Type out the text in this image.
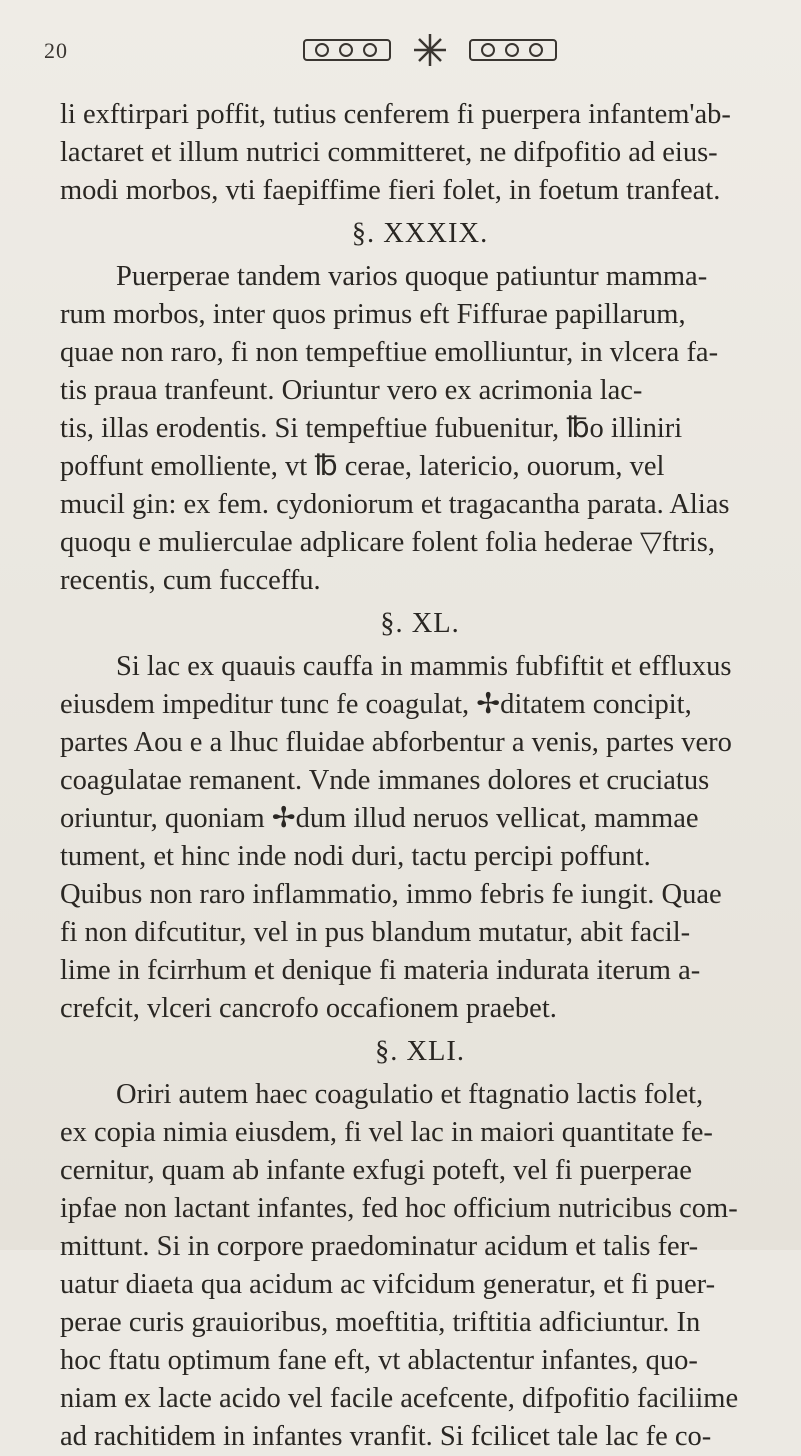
20
li exftirpari poffit, tutius cenferem fi puerpera infantem'ab-
lactaret et illum nutrici committeret, ne difpofitio ad eius-
modi morbos, vti faepiffime fieri folet, in foetum tranfeat.
§. XXXIX.
Puerperae tandem varios quoque patiuntur mamma-
rum morbos, inter quos primus eft Fiffurae papillarum,
quae non raro, fi non tempeftiue emolliuntur, in vlcera fa-
tis praua tranfeunt. Oriuntur vero ex acrimonia lac-
tis, illas erodentis. Si tempeftiue fubuenitur, ℔o illiniri
poffunt emolliente, vt ℔ cerae, latericio, ouorum, vel
mucil gin: ex fem. cydoniorum et tragacantha parata. Alias
quoqu e mulierculae adplicare folent folia hederae ▽ftris,
recentis, cum fucceffu.
§. XL.
Si lac ex quauis cauffa in mammis fubfiftit et effluxus
eiusdem impeditur tunc fe coagulat, ✢ditatem concipit,
partes Aou e a lhuc fluidae abforbentur a venis, partes vero
coagulatae remanent. Vnde immanes dolores et cruciatus
oriuntur, quoniam ✢dum illud neruos vellicat, mammae
tument, et hinc inde nodi duri, tactu percipi poffunt.
Quibus non raro inflammatio, immo febris fe iungit. Quae
fi non difcutitur, vel in pus blandum mutatur, abit facil-
lime in fcirrhum et denique fi materia indurata iterum a-
crefcit, vlceri cancrofo occafionem praebet.
§. XLI.
Oriri autem haec coagulatio et ftagnatio lactis folet,
ex copia nimia eiusdem, fi vel lac in maiori quantitate fe-
cernitur, quam ab infante exfugi poteft, vel fi puerperae
ipfae non lactant infantes, fed hoc officium nutricibus com-
mittunt. Si in corpore praedominatur acidum et talis fer-
uatur diaeta qua acidum ac vifcidum generatur, et fi puer-
perae curis grauioribus, moeftitia, triftitia adficiuntur. In
hoc ftatu optimum fane eft, vt ablactentur infantes, quo-
niam ex lacte acido vel facile acefcente, difpofitio faciliime
ad rachitidem in infantes vranfit. Si fcilicet tale lac fe co-
